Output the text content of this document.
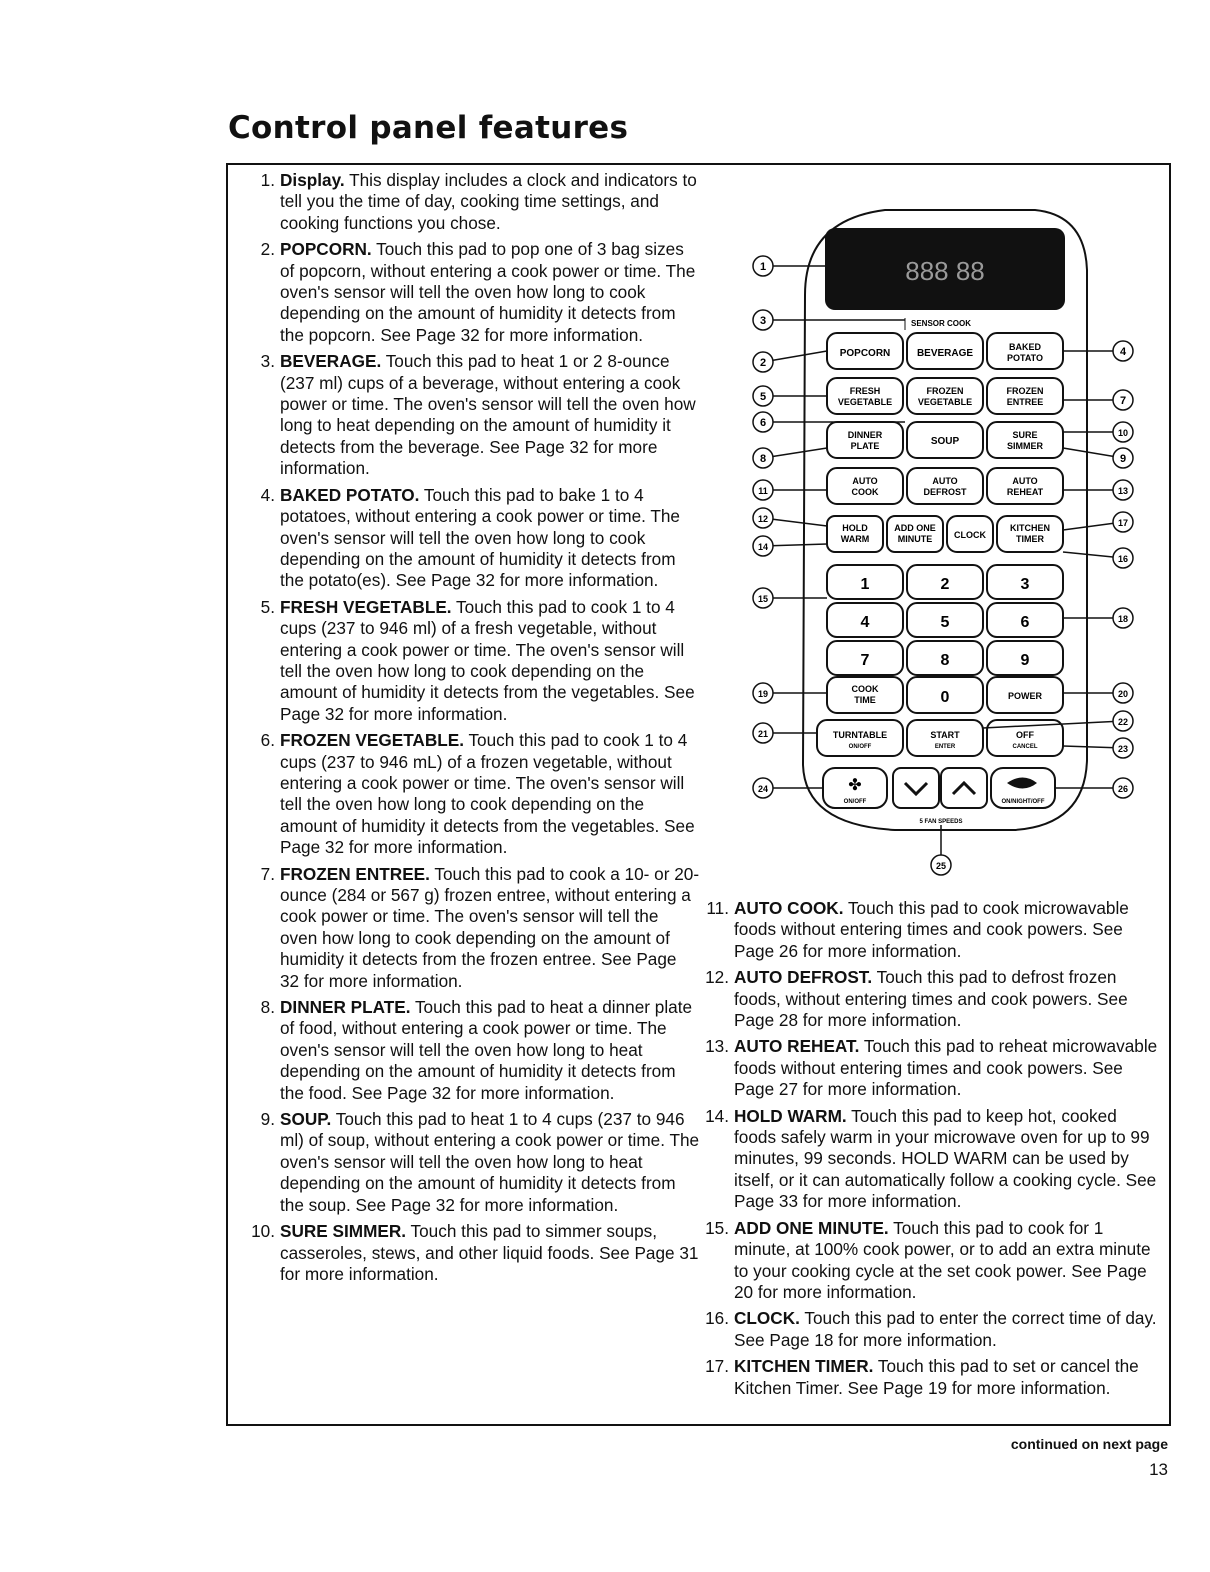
Control panel features
1. Display. This display includes a clock and indicators to tell you the time of day, cooking time settings, and cooking functions you chose.
2. POPCORN. Touch this pad to pop one of 3 bag sizes of popcorn, without entering a cook power or time. The oven's sensor will tell the oven how long to cook depending on the amount of humidity it detects from the popcorn. See Page 32 for more information.
3. BEVERAGE. Touch this pad to heat 1 or 2 8-ounce (237 ml) cups of a beverage, without entering a cook power or time. The oven's sensor will tell the oven how long to heat depending on the amount of humidity it detects from the beverage. See Page 32 for more information.
4. BAKED POTATO. Touch this pad to bake 1 to 4 potatoes, without entering a cook power or time. The oven's sensor will tell the oven how long to cook depending on the amount of humidity it detects from the potato(es). See Page 32 for more information.
5. FRESH VEGETABLE. Touch this pad to cook 1 to 4 cups (237 to 946 ml) of a fresh vegetable, without entering a cook power or time. The oven's sensor will tell the oven how long to cook depending on the amount of humidity it detects from the vegetables. See Page 32 for more information.
6. FROZEN VEGETABLE. Touch this pad to cook 1 to 4 cups (237 to 946 mL) of a frozen vegetable, without entering a cook power or time. The oven's sensor will tell the oven how long to cook depending on the amount of humidity it detects from the vegetables. See Page 32 for more information.
7. FROZEN ENTREE. Touch this pad to cook a 10- or 20-ounce (284 or 567 g) frozen entree, without entering a cook power or time. The oven's sensor will tell the oven how long to cook depending on the amount of humidity it detects from the frozen entree. See Page 32 for more information.
8. DINNER PLATE. Touch this pad to heat a dinner plate of food, without entering a cook power or time. The oven's sensor will tell the oven how long to heat depending on the amount of humidity it detects from the food. See Page 32 for more information.
9. SOUP. Touch this pad to heat 1 to 4 cups (237 to 946 ml) of soup, without entering a cook power or time. The oven's sensor will tell the oven how long to heat depending on the amount of humidity it detects from the soup. See Page 32 for more information.
10. SURE SIMMER. Touch this pad to simmer soups, casseroles, stews, and other liquid foods. See Page 31 for more information.
11. AUTO COOK. Touch this pad to cook microwavable foods without entering times and cook powers. See Page 26 for more information.
12. AUTO DEFROST. Touch this pad to defrost frozen foods, without entering times and cook powers. See Page 28 for more information.
13. AUTO REHEAT. Touch this pad to reheat microwavable foods without entering times and cook powers. See Page 27 for more information.
14. HOLD WARM. Touch this pad to keep hot, cooked foods safely warm in your microwave oven for up to 99 minutes, 99 seconds. HOLD WARM can be used by itself, or it can automatically follow a cooking cycle. See Page 33 for more information.
15. ADD ONE MINUTE. Touch this pad to cook for 1 minute, at 100% cook power, or to add an extra minute to your cooking cycle at the set cook power. See Page 20 for more information.
16. CLOCK. Touch this pad to enter the correct time of day. See Page 18 for more information.
17. KITCHEN TIMER. Touch this pad to set or cancel the Kitchen Timer. See Page 19 for more information.
888 88
SENSOR COOK
POPCORN	BEVERAGE
BAKED
POTATO
FRESH
VEGETABLE
FROZEN
VEGETABLE
FROZEN
ENTREE
DINNER
PLATE	SOUP
SURE
SIMMER
AUTO
COOK
AUTO
DEFROST
AUTO
REHEAT
HOLD
WARM
ADD ONE
MINUTE CLOCK
KITCHEN
TIMER
1	2	3
4	5	6
7	8	9
COOK
TIME	0	POWER
TURNTABLE
ON/OFF
START
ENTER
OFF
CANCEL
✤
ON/OFF	ON/NIGHT/OFF
5 FAN SPEEDS
1
2
3
4
5
6
7
8	9
10
11
12
13
14
15
16
17
18
19	20
21
22
23
24
25
26
continued on next page
13
